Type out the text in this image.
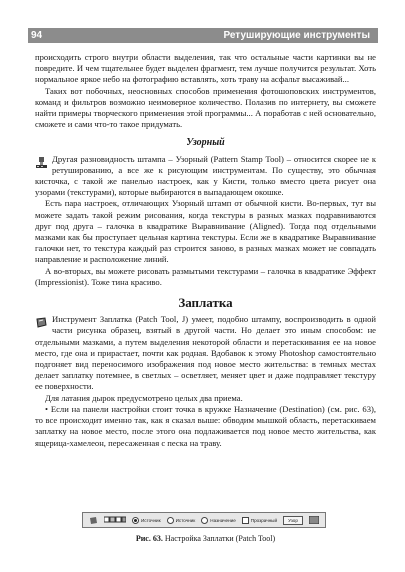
94	Ретуширующие инструменты

происходить строго внутри области выделения, так что остальные части картинки вы не повредите. И чем тщательнее будет выделен фрагмент, тем лучше получится результат. Хоть нормальное яркое небо на фотографию вставлять, хоть траву на асфальт высаживай...

Таких вот побочных, неосновных способов применения фотошоповских инструментов, команд и фильтров возможно неимоверное количество. Полазив по интернету, вы сможете найти примеры творческого применения этой программы... А поработав с ней основательно, сможете и сами что-то такое придумать.

Узорный

Другая разновидность штампа – Узорный (Pattern Stamp Tool) – относится скорее не к ретушированию, а все же к рисующим инструментам. По существу, это обычная кисточка, с такой же панелью настроек, как у Кисти, только вместо цвета рисует она узорами (текстурами), которые выбираются в выпадающем окошке.

Есть пара настроек, отличающих Узорный штамп от обычной кисти. Во-первых, тут вы можете задать такой режим рисования, когда текстуры в разных мазках подравниваются друг под друга – галочка в квадратике Выравнивание (Aligned). Тогда под отдельными мазками как бы проступает цельная картина текстуры. Если же в квадратике Выравнивание галочки нет, то текстура каждый раз строится заново, в разных мазках может не совпадать направление и расположение линий.

А во-вторых, вы можете рисовать размытыми текстурами – галочка в квадратике Эффект (Impressionist). Тоже тина красиво.

Заплатка

Инструмент Заплатка (Patch Tool, J) умеет, подобно штампу, воспроизводить в одной части рисунка образец, взятый в другой части. Но делает это иным способом: не отдельными мазками, а путем выделения некоторой области и перетаскивания ее на новое место, где она и прирастает, почти как родная. Вдобавок к этому Photoshop самостоятельно подгоняет вид переносимого изображения под новое место жительства: в темных местах делает заплатку потемнее, в светлых – осветляет, меняет цвет и даже подправляет текстуру ее поверхности.

Для латания дырок предусмотрено целых два приема.

• Если на панели настройки стоит точка в кружке Назначение (Destination) (см. рис. 63), то все происходит именно так, как я сказал выше: обводим мышкой область, перетаскиваем заплатку на новое место, после этого она подлаживается под новое место жительства, как ящерица-хамелеон, пересаженная с песка на траву.

Источник	Источник	Назначение	Прозрачный	Узор
Рис. 63. Настройка Заплатки (Patch Tool)
